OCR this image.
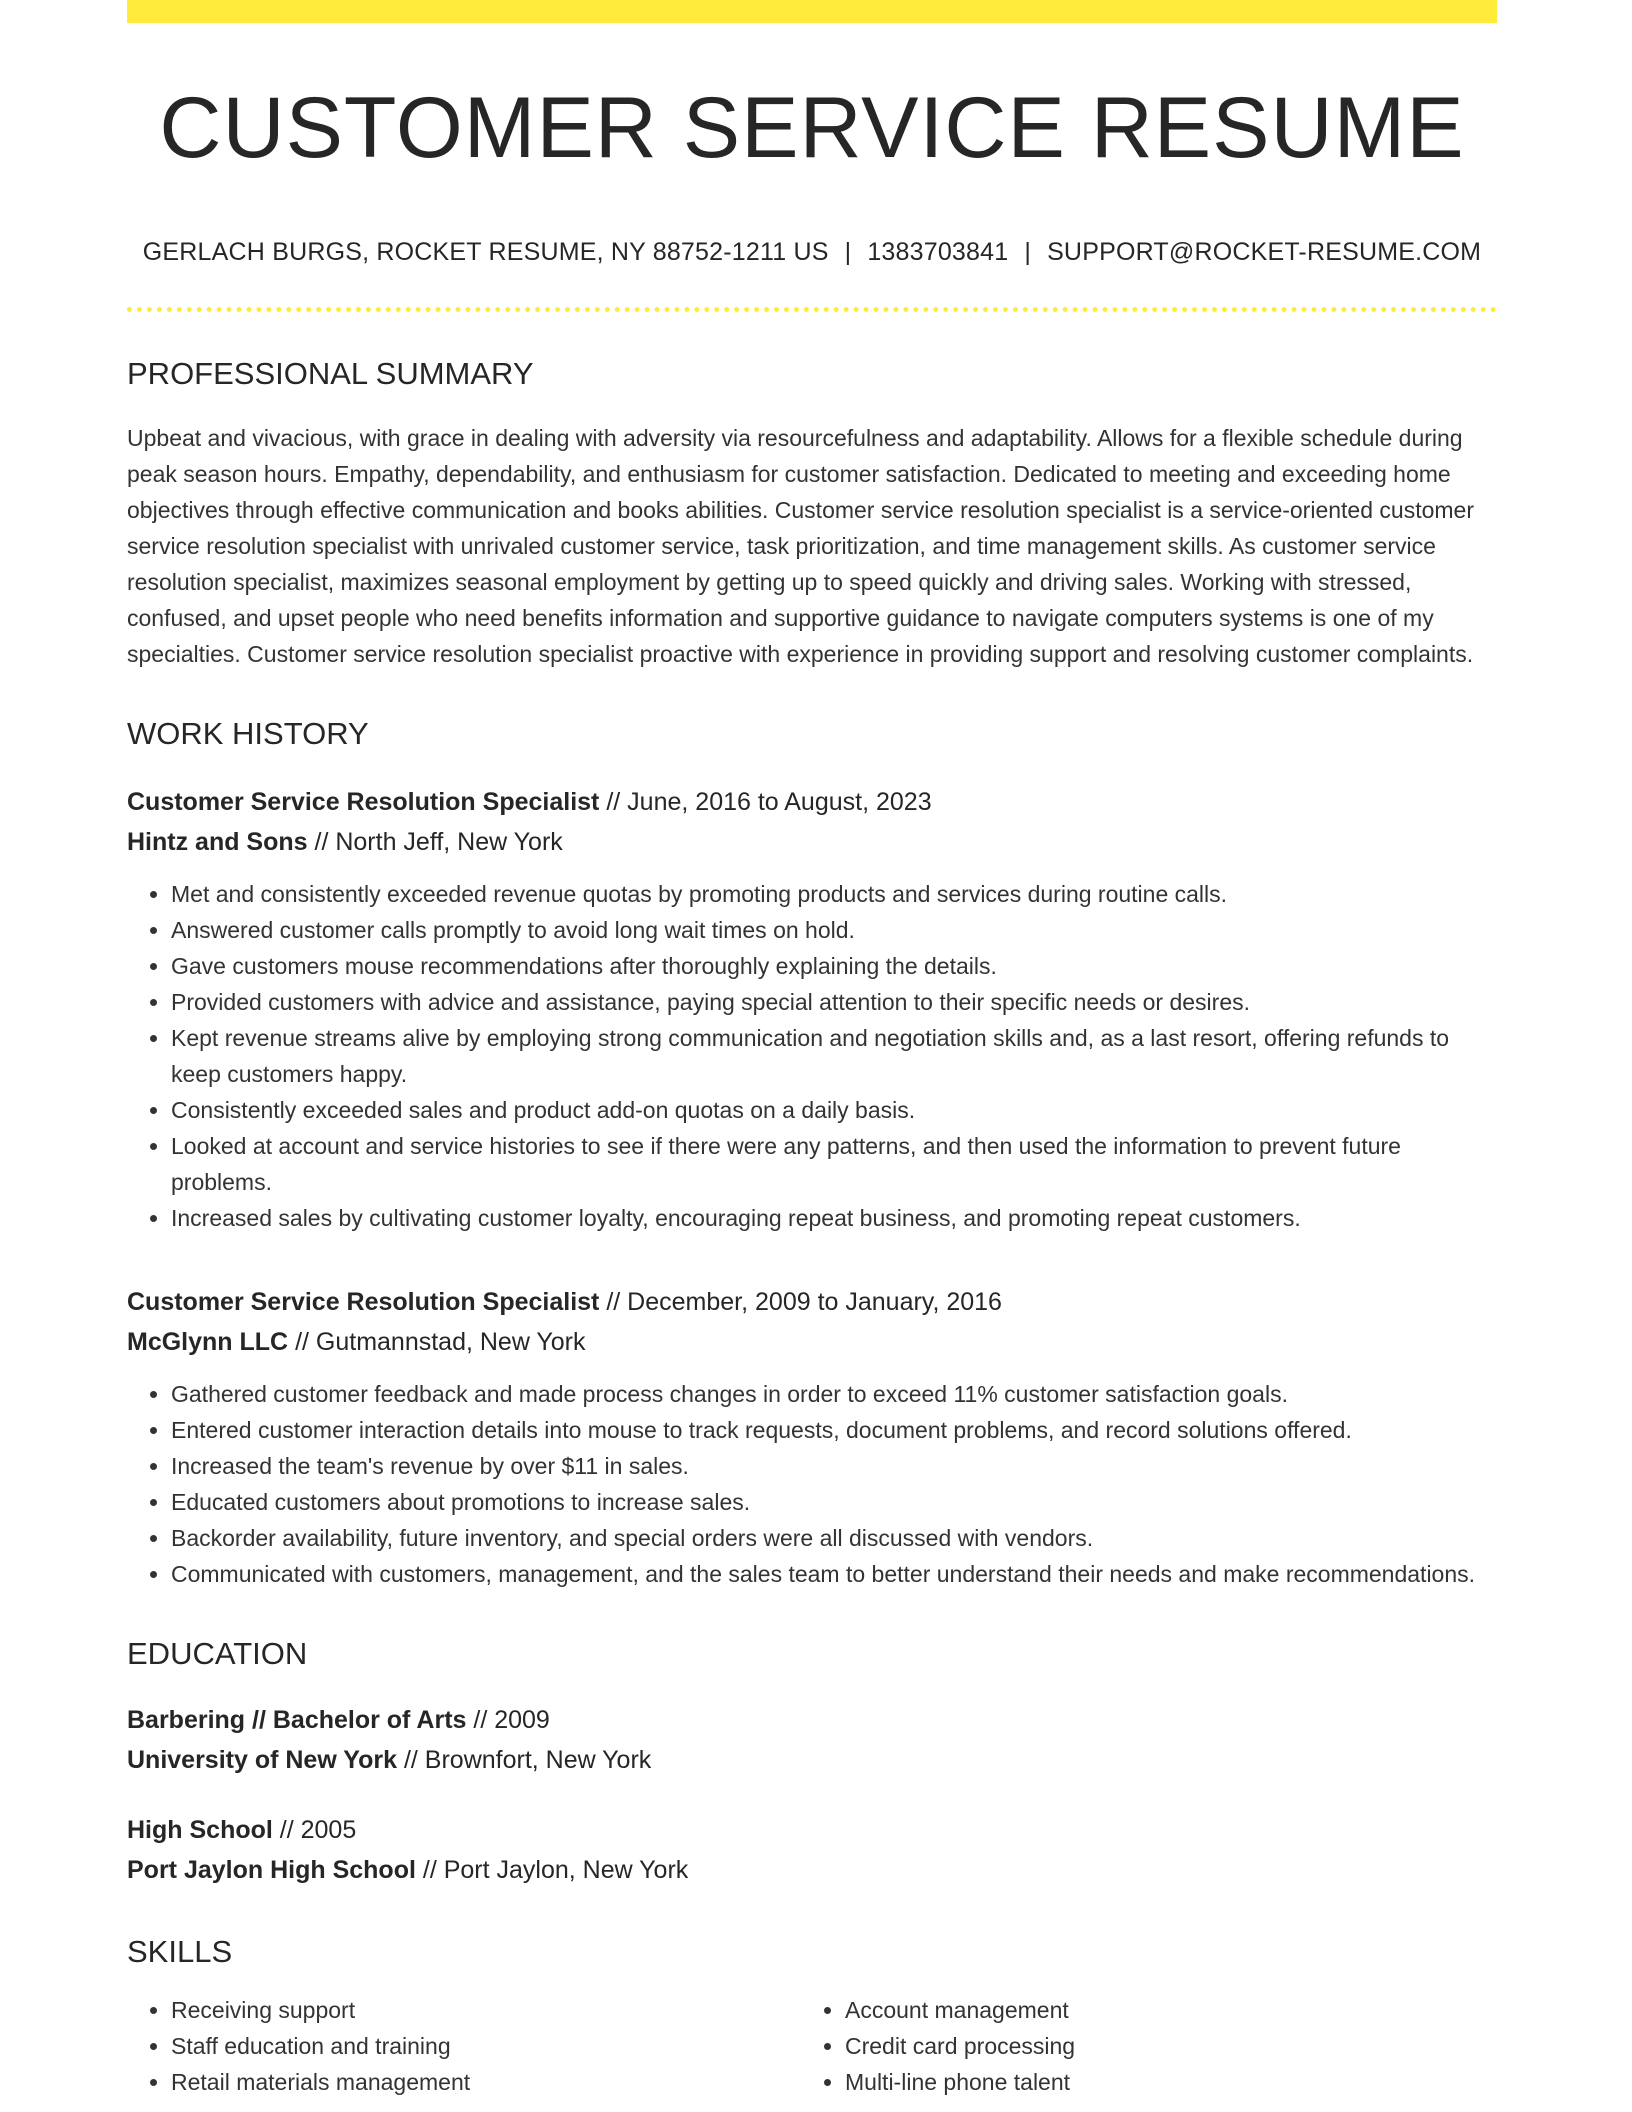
CUSTOMER SERVICE RESUME
GERLACH BURGS, ROCKET RESUME, NY 88752-1211 US | 1383703841 | SUPPORT@ROCKET-RESUME.COM
PROFESSIONAL SUMMARY

Upbeat and vivacious, with grace in dealing with adversity via resourcefulness and adaptability. Allows for a flexible schedule during peak season hours. Empathy, dependability, and enthusiasm for customer satisfaction. Dedicated to meeting and exceeding home objectives through effective communication and books abilities. Customer service resolution specialist is a service-oriented customer service resolution specialist with unrivaled customer service, task prioritization, and time management skills. As customer service resolution specialist, maximizes seasonal employment by getting up to speed quickly and driving sales. Working with stressed, confused, and upset people who need benefits information and supportive guidance to navigate computers systems is one of my specialties. Customer service resolution specialist proactive with experience in providing support and resolving customer complaints.

WORK HISTORY
Customer Service Resolution Specialist // June, 2016 to August, 2023
Hintz and Sons // North Jeff, New York
• Met and consistently exceeded revenue quotas by promoting products and services during routine calls.
• Answered customer calls promptly to avoid long wait times on hold.
• Gave customers mouse recommendations after thoroughly explaining the details.
• Provided customers with advice and assistance, paying special attention to their specific needs or desires.
• Kept revenue streams alive by employing strong communication and negotiation skills and, as a last resort, offering refunds to keep customers happy.
• Consistently exceeded sales and product add-on quotas on a daily basis.
• Looked at account and service histories to see if there were any patterns, and then used the information to prevent future problems.
• Increased sales by cultivating customer loyalty, encouraging repeat business, and promoting repeat customers.
Customer Service Resolution Specialist // December, 2009 to January, 2016
McGlynn LLC // Gutmannstad, New York
• Gathered customer feedback and made process changes in order to exceed 11% customer satisfaction goals.
• Entered customer interaction details into mouse to track requests, document problems, and record solutions offered.
• Increased the team's revenue by over $11 in sales.
• Educated customers about promotions to increase sales.
• Backorder availability, future inventory, and special orders were all discussed with vendors.
• Communicated with customers, management, and the sales team to better understand their needs and make recommendations.
EDUCATION
Barbering // Bachelor of Arts // 2009
University of New York // Brownfort, New York
High School // 2005
Port Jaylon High School // Port Jaylon, New York
SKILLS
• Receiving support
• Staff education and training
• Retail materials management
• Account management
• Credit card processing
• Multi-line phone talent
